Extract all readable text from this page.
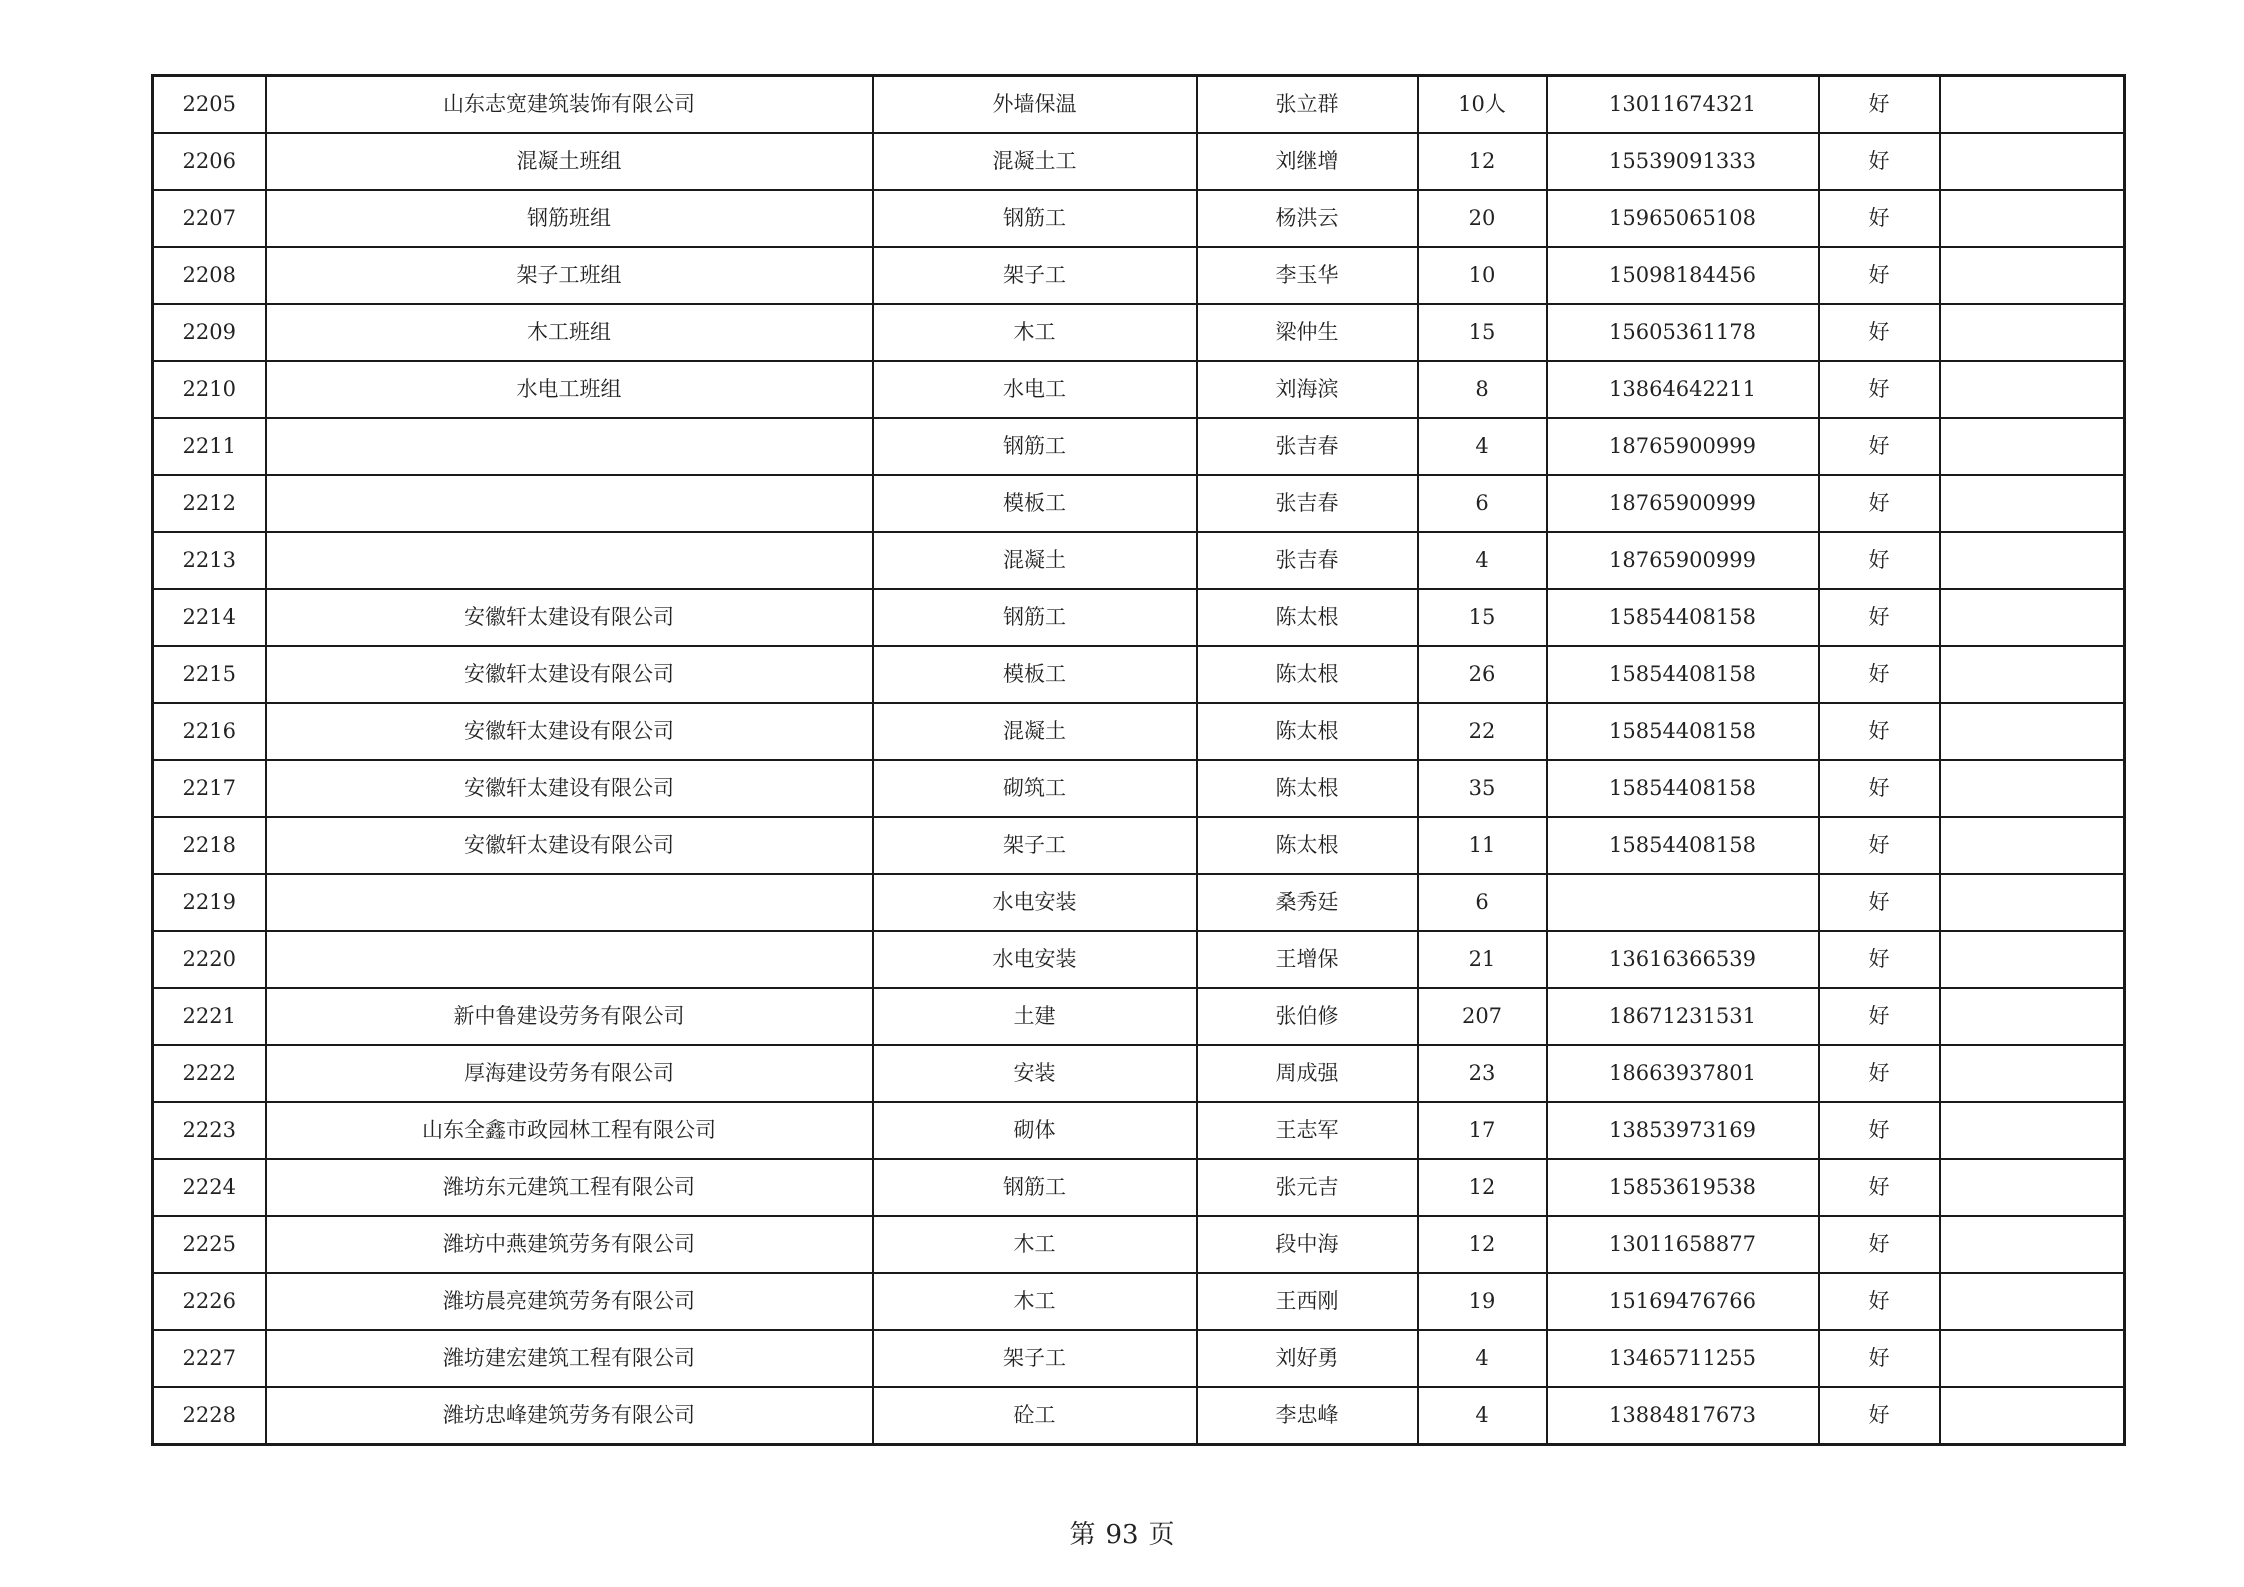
2205	山东志宽建筑装饰有限公司	外墙保温	张立群	10人	13011674321	好	
2206	混凝土班组	混凝土工	刘继增	12	15539091333	好	
2207	钢筋班组	钢筋工	杨洪云	20	15965065108	好	
2208	架子工班组	架子工	李玉华	10	15098184456	好	
2209	木工班组	木工	梁仲生	15	15605361178	好	
2210	水电工班组	水电工	刘海滨	8	13864642211	好	
2211		钢筋工	张吉春	4	18765900999	好	
2212		模板工	张吉春	6	18765900999	好	
2213		混凝土	张吉春	4	18765900999	好	
2214	安徽轩太建设有限公司	钢筋工	陈太根	15	15854408158	好	
2215	安徽轩太建设有限公司	模板工	陈太根	26	15854408158	好	
2216	安徽轩太建设有限公司	混凝土	陈太根	22	15854408158	好	
2217	安徽轩太建设有限公司	砌筑工	陈太根	35	15854408158	好	
2218	安徽轩太建设有限公司	架子工	陈太根	11	15854408158	好	
2219		水电安装	桑秀廷	6		好	
2220		水电安装	王增保	21	13616366539	好	
2221	新中鲁建设劳务有限公司	土建	张伯修	207	18671231531	好	
2222	厚海建设劳务有限公司	安装	周成强	23	18663937801	好	
2223	山东全鑫市政园林工程有限公司	砌体	王志军	17	13853973169	好	
2224	潍坊东元建筑工程有限公司	钢筋工	张元吉	12	15853619538	好	
2225	潍坊中燕建筑劳务有限公司	木工	段中海	12	13011658877	好	
2226	潍坊晨亮建筑劳务有限公司	木工	王西刚	19	15169476766	好	
2227	潍坊建宏建筑工程有限公司	架子工	刘好勇	4	13465711255	好	
2228	潍坊忠峰建筑劳务有限公司	砼工	李忠峰	4	13884817673	好	
第 93 页
